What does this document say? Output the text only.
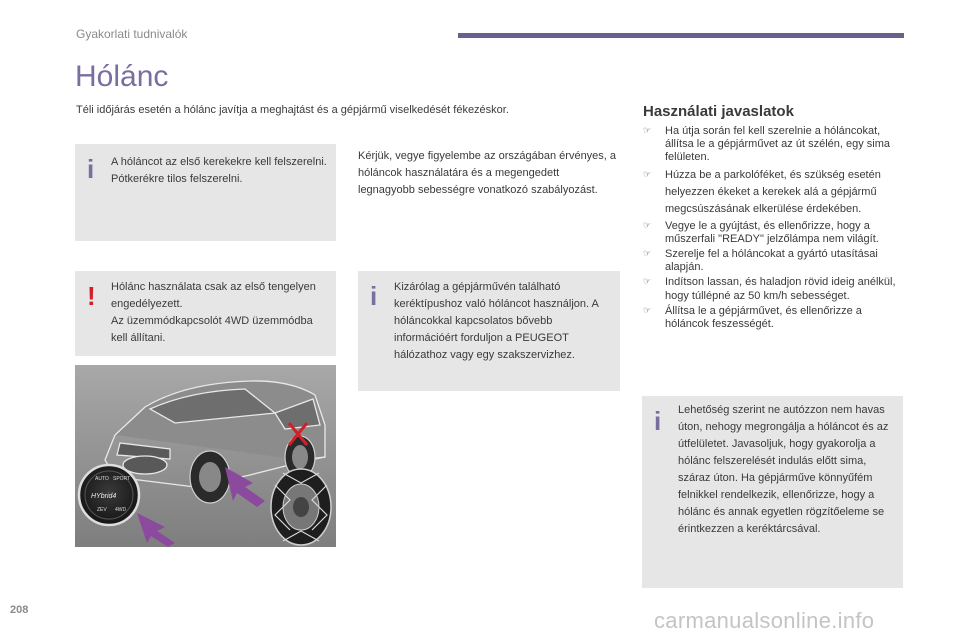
Gyakorlati tudnivalók
Hólánc
Téli időjárás esetén a hólánc javítja a meghajtást és a gépjármű viselkedését fékezéskor.
i A hóláncot az első kerekekre kell felszerelni. Pótkerékre tilos felszerelni.

Kérjük, vegye figyelembe az országában érvényes, a hóláncok használatára és a megengedett legnagyobb sebességre vonatkozó szabályozást.

! Hólánc használata csak az első tengelyen engedélyezett.
Az üzemmódkapcsolót 4WD üzemmódba kell állítani.

i Kizárólag a gépjárművén található keréktípushoz való hóláncot használjon. A hóláncokkal kapcsolatos bővebb információért forduljon a PEUGEOT hálózathoz vagy egy szakszervizhez.

Használati javaslatok
☞ Ha útja során fel kell szerelnie a hóláncokat, állítsa le a gépjárművet az út szélén, egy sima felületen.
☞ Húzza be a parkolóféket, és szükség esetén helyezzen ékeket a kerekek alá a gépjármű megcsúszásának elkerülése érdekében.
☞ Vegye le a gyújtást, és ellenőrizze, hogy a műszerfali "READY" jelzőlámpa nem világít.
☞ Szerelje fel a hóláncokat a gyártó utasításai alapján.
☞ Indítson lassan, és haladjon rövid ideig anélkül, hogy túllépné az 50 km/h sebességet.
☞ Állítsa le a gépjárművet, és ellenőrizze a hóláncok feszességét.
AUTO SPORT
HYbrid4
ZEV 4WD
i Lehetőség szerint ne autózzon nem havas úton, nehogy megrongálja a hóláncot és az útfelületet. Javasoljuk, hogy gyakorolja a hólánc felszerelését indulás előtt sima, száraz úton. Ha gépjárműve könnyűfém felnikkel rendelkezik, ellenőrizze, hogy a hólánc és annak egyetlen rögzítőeleme se érintkezzen a keréktárcsával.

208	carmanualsonline.info
